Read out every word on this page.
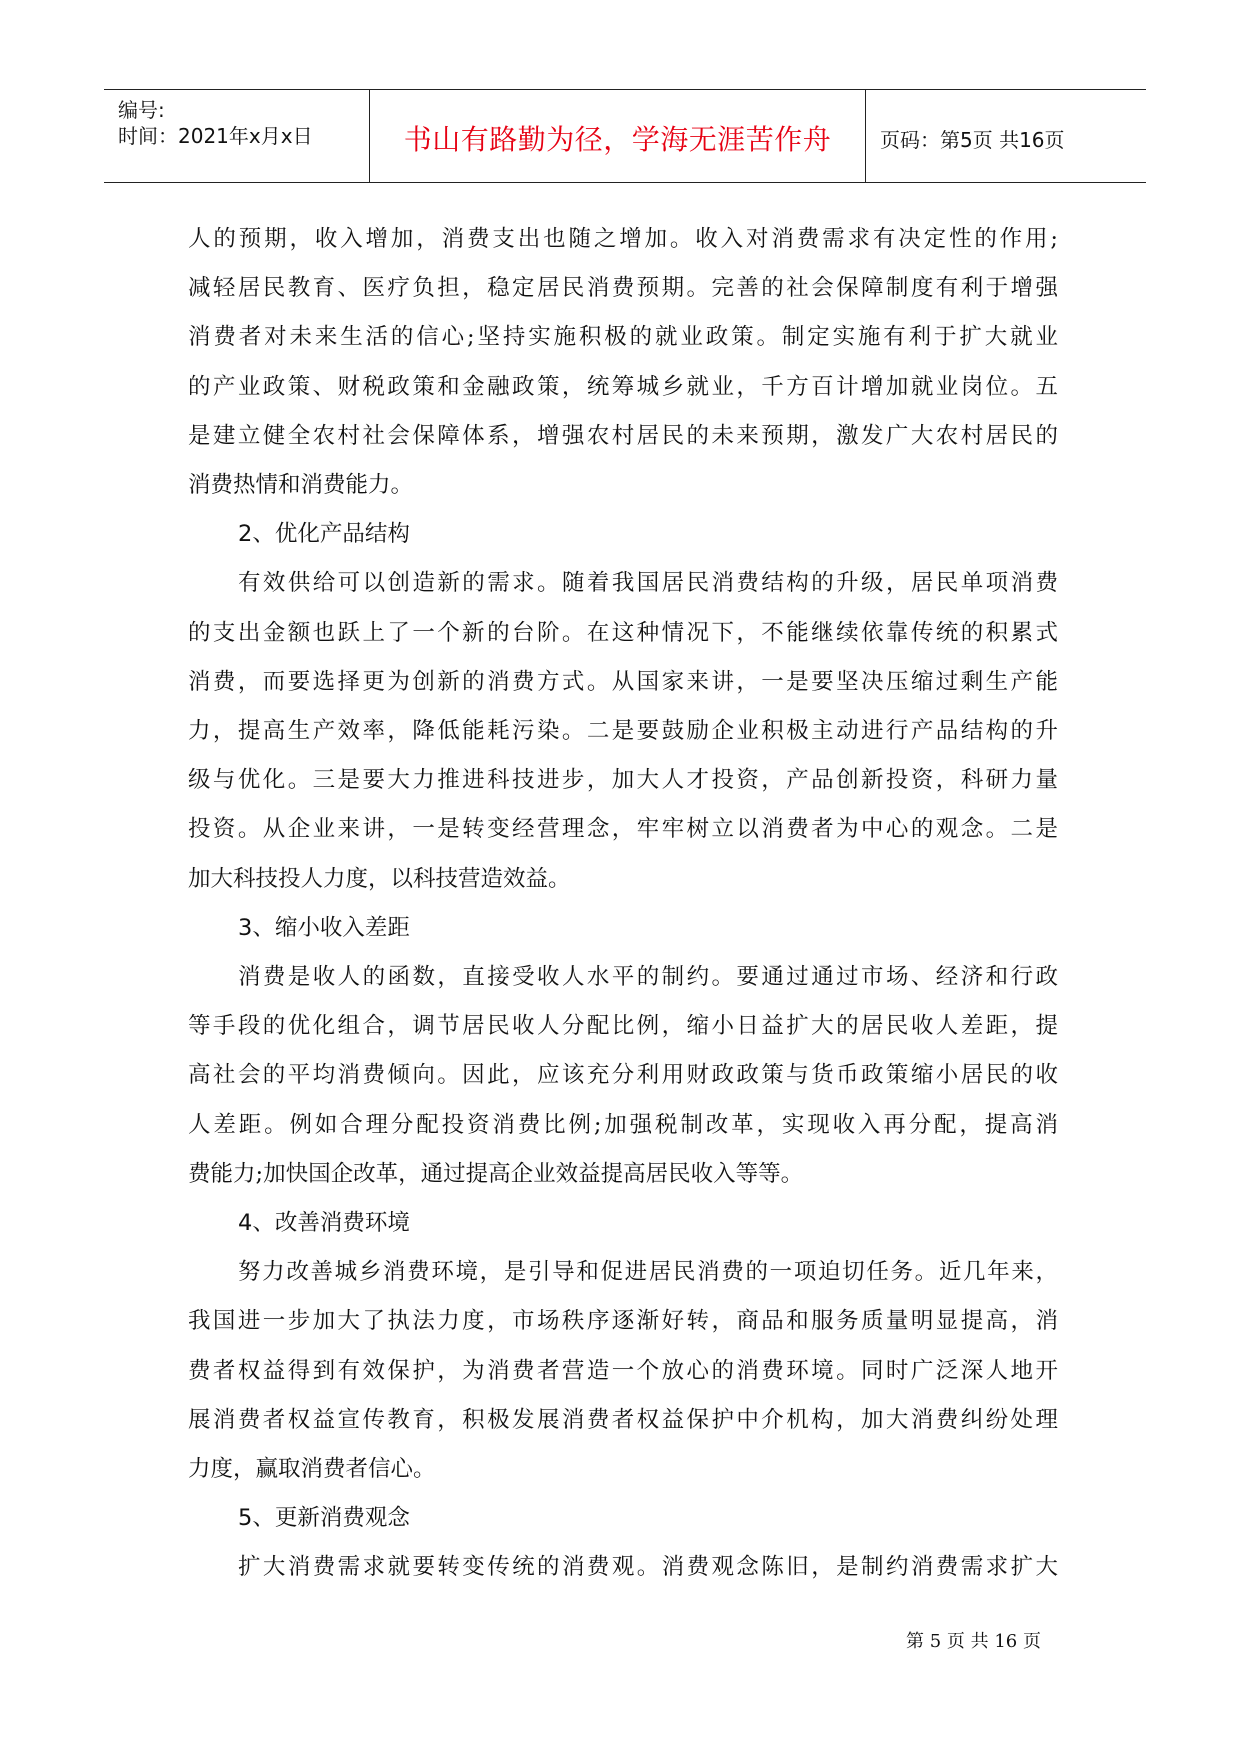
编号:
时间：2021年x月x日	书山有路勤为径，学海无涯苦作舟	页码：第5页 共16页

人的预期，收入增加，消费支出也随之增加。收入对消费需求有决定性的作用;

减轻居民教育、医疗负担，稳定居民消费预期。完善的社会保障制度有利于增强

消费者对未来生活的信心;坚持实施积极的就业政策。制定实施有利于扩大就业

的产业政策、财税政策和金融政策，统筹城乡就业，千方百计增加就业岗位。五

是建立健全农村社会保障体系，增强农村居民的未来预期，激发广大农村居民的

消费热情和消费能力。

2、优化产品结构

有效供给可以创造新的需求。随着我国居民消费结构的升级，居民单项消费

的支出金额也跃上了一个新的台阶。在这种情况下，不能继续依靠传统的积累式

消费，而要选择更为创新的消费方式。从国家来讲，一是要坚决压缩过剩生产能

力，提高生产效率，降低能耗污染。二是要鼓励企业积极主动进行产品结构的升

级与优化。三是要大力推进科技进步，加大人才投资，产品创新投资，科研力量

投资。从企业来讲，一是转变经营理念，牢牢树立以消费者为中心的观念。二是

加大科技投人力度，以科技营造效益。

3、缩小收入差距

消费是收人的函数，直接受收人水平的制约。要通过通过市场、经济和行政

等手段的优化组合，调节居民收人分配比例，缩小日益扩大的居民收人差距，提

高社会的平均消费倾向。因此，应该充分利用财政政策与货币政策缩小居民的收

人差距。例如合理分配投资消费比例;加强税制改革，实现收入再分配，提高消

费能力;加快国企改革，通过提高企业效益提高居民收入等等。

4、改善消费环境

努力改善城乡消费环境，是引导和促进居民消费的一项迫切任务。近几年来，

我国进一步加大了执法力度，市场秩序逐渐好转，商品和服务质量明显提高，消

费者权益得到有效保护，为消费者营造一个放心的消费环境。同时广泛深人地开

展消费者权益宣传教育，积极发展消费者权益保护中介机构，加大消费纠纷处理

力度，赢取消费者信心。

5、更新消费观念

扩大消费需求就要转变传统的消费观。消费观念陈旧，是制约消费需求扩大

第 5 页 共 16 页
